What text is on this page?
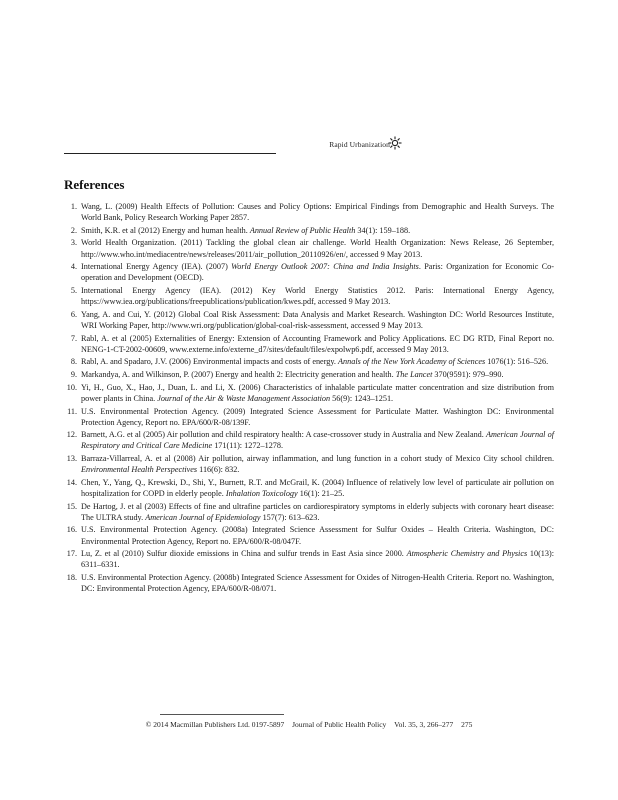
Rapid Urbanization
References
1. Wang, L. (2009) Health Effects of Pollution: Causes and Policy Options: Empirical Findings from Demographic and Health Surveys. The World Bank, Policy Research Working Paper 2857.
2. Smith, K.R. et al (2012) Energy and human health. Annual Review of Public Health 34(1): 159–188.
3. World Health Organization. (2011) Tackling the global clean air challenge. World Health Organization: News Release, 26 September, http://www.who.int/mediacentre/news/releases/2011/air_pollution_20110926/en/, accessed 9 May 2013.
4. International Energy Agency (IEA). (2007) World Energy Outlook 2007: China and India Insights. Paris: Organization for Economic Co-operation and Development (OECD).
5. International Energy Agency (IEA). (2012) Key World Energy Statistics 2012. Paris: International Energy Agency, https://www.iea.org/publications/freepublications/publication/kwes.pdf, accessed 9 May 2013.
6. Yang, A. and Cui, Y. (2012) Global Coal Risk Assessment: Data Analysis and Market Research. Washington DC: World Resources Institute, WRI Working Paper, http://www.wri.org/publication/global-coal-risk-assessment, accessed 9 May 2013.
7. Rabl, A. et al (2005) Externalities of Energy: Extension of Accounting Framework and Policy Applications. EC DG RTD, Final Report no. NENG-1-CT-2002-00609, www.externe.info/externe_d7/sites/default/files/expolwp6.pdf, accessed 9 May 2013.
8. Rabl, A. and Spadaro, J.V. (2006) Environmental impacts and costs of energy. Annals of the New York Academy of Sciences 1076(1): 516–526.
9. Markandya, A. and Wilkinson, P. (2007) Energy and health 2: Electricity generation and health. The Lancet 370(9591): 979–990.
10. Yi, H., Guo, X., Hao, J., Duan, L. and Li, X. (2006) Characteristics of inhalable particulate matter concentration and size distribution from power plants in China. Journal of the Air & Waste Management Association 56(9): 1243–1251.
11. U.S. Environmental Protection Agency. (2009) Integrated Science Assessment for Particulate Matter. Washington DC: Environmental Protection Agency, Report no. EPA/600/R-08/139F.
12. Barnett, A.G. et al (2005) Air pollution and child respiratory health: A case-crossover study in Australia and New Zealand. American Journal of Respiratory and Critical Care Medicine 171(11): 1272–1278.
13. Barraza-Villarreal, A. et al (2008) Air pollution, airway inflammation, and lung function in a cohort study of Mexico City school children. Environmental Health Perspectives 116(6): 832.
14. Chen, Y., Yang, Q., Krewski, D., Shi, Y., Burnett, R.T. and McGrail, K. (2004) Influence of relatively low level of particulate air pollution on hospitalization for COPD in elderly people. Inhalation Toxicology 16(1): 21–25.
15. De Hartog, J. et al (2003) Effects of fine and ultrafine particles on cardiorespiratory symptoms in elderly subjects with coronary heart disease: The ULTRA study. American Journal of Epidemiology 157(7): 613–623.
16. U.S. Environmental Protection Agency. (2008a) Integrated Science Assessment for Sulfur Oxides – Health Criteria. Washington, DC: Environmental Protection Agency, Report no. EPA/600/R-08/047F.
17. Lu, Z. et al (2010) Sulfur dioxide emissions in China and sulfur trends in East Asia since 2000. Atmospheric Chemistry and Physics 10(13): 6311–6331.
18. U.S. Environmental Protection Agency. (2008b) Integrated Science Assessment for Oxides of Nitrogen-Health Criteria. Report no. Washington, DC: Environmental Protection Agency, EPA/600/R-08/071.
© 2014 Macmillan Publishers Ltd. 0197-5897 Journal of Public Health Policy Vol. 35, 3, 266–277 275
